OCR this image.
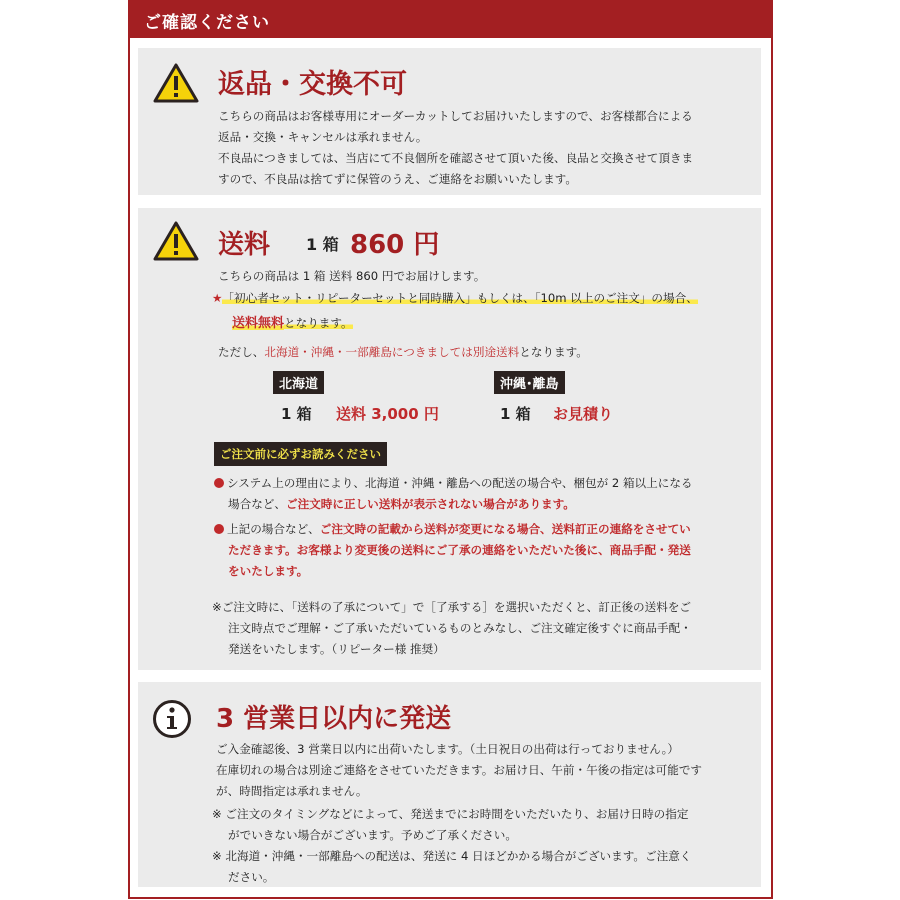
ご確認ください
返品・交換不可
こちらの商品はお客様専用にオーダーカットしてお届けいたしますので、お客様都合による
返品・交換・キャンセルは承れません。
不良品につきましては、当店にて不良個所を確認させて頂いた後、良品と交換させて頂きま
すので、不良品は捨てずに保管のうえ、ご連絡をお願いいたします。
送料 1 箱 860 円
こちらの商品は 1 箱 送料 860 円でお届けします。
★「初心者セット・リピーターセットと同時購入」もしくは、「10m 以上のご注文」の場合、
送料無料となります。
ただし、北海道・沖縄・一部離島につきましては別途送料となります。
北海道	沖縄･離島
1 箱 送料 3,000 円	1 箱 お見積り
ご注文前に必ずお読みください
システム上の理由により、北海道・沖縄・離島への配送の場合や、梱包が 2 箱以上になる
場合など、ご注文時に正しい送料が表示されない場合があります。
上記の場合など、ご注文時の記載から送料が変更になる場合、送料訂正の連絡をさせてい
ただきます。お客様より変更後の送料にご了承の連絡をいただいた後に、商品手配・発送
をいたします。
※ご注文時に、「送料の了承について」で［了承する］を選択いただくと、訂正後の送料をご
注文時点でご理解・ご了承いただいているものとみなし、ご注文確定後すぐに商品手配・
発送をいたします。（リピーター様 推奨）
3 営業日以内に発送
ご入金確認後、3 営業日以内に出荷いたします。（土日祝日の出荷は行っておりません。）
在庫切れの場合は別途ご連絡をさせていただきます。お届け日、午前・午後の指定は可能です
が、時間指定は承れません。
※ ご注文のタイミングなどによって、発送までにお時間をいただいたり、お届け日時の指定
がでいきない場合がございます。予めご了承ください。
※ 北海道・沖縄・一部離島への配送は、発送に 4 日ほどかかる場合がございます。ご注意く
ださい。
